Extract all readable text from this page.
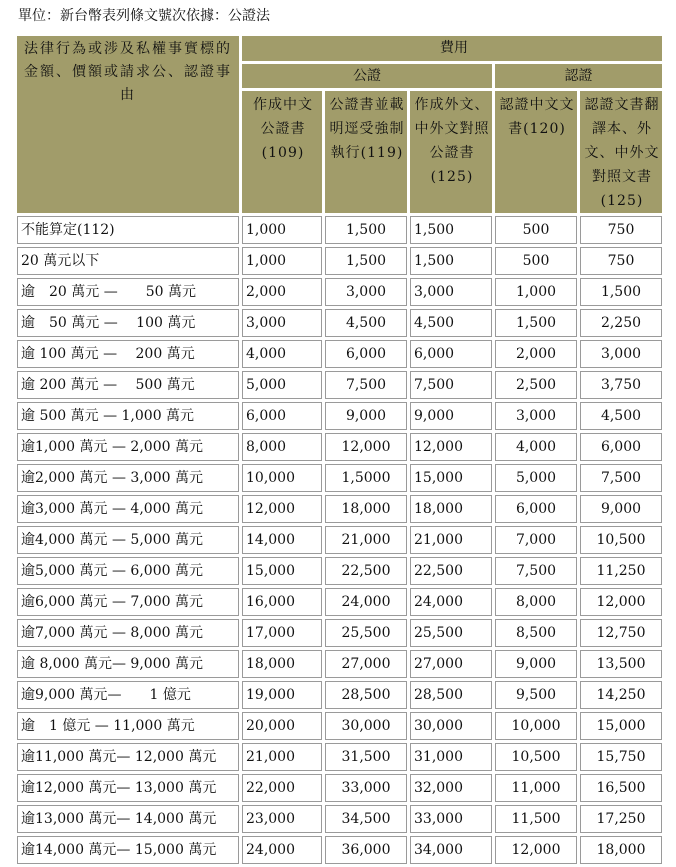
單位：新台幣表列條文號次依據：公證法
法律行為或涉及私權事實標的金額、價額或請求公、認證事由	費用				
	公證			認證	
	作成中文公證書(109)	公證書並載明逕受強制執行(119)	作成外文、中外文對照公證書(125)	認證中文文書(120)	認證文書翻譯本、外文、中外文對照文書(125)
不能算定(112)	1,000	1,500	1,500	500	750
20 萬元以下	1,000	1,500	1,500	500	750
逾　20 萬元 —　　50 萬元	2,000	3,000	3,000	1,000	1,500
逾　50 萬元 —　 100 萬元	3,000	4,500	4,500	1,500	2,250
逾 100 萬元 —　 200 萬元	4,000	6,000	6,000	2,000	3,000
逾 200 萬元 —　 500 萬元	5,000	7,500	7,500	2,500	3,750
逾 500 萬元 — 1,000 萬元	6,000	9,000	9,000	3,000	4,500
逾1,000 萬元 — 2,000 萬元	8,000	12,000	12,000	4,000	6,000
逾2,000 萬元 — 3,000 萬元	10,000	1,5000	15,000	5,000	7,500
逾3,000 萬元 — 4,000 萬元	12,000	18,000	18,000	6,000	9,000
逾4,000 萬元 — 5,000 萬元	14,000	21,000	21,000	7,000	10,500
逾5,000 萬元 — 6,000 萬元	15,000	22,500	22,500	7,500	11,250
逾6,000 萬元 — 7,000 萬元	16,000	24,000	24,000	8,000	12,000
逾7,000 萬元 — 8,000 萬元	17,000	25,500	25,500	8,500	12,750
逾 8,000 萬元— 9,000 萬元	18,000	27,000	27,000	9,000	13,500
逾9,000 萬元—　　1 億元	19,000	28,500	28,500	9,500	14,250
逾　1 億元 — 11,000 萬元	20,000	30,000	30,000	10,000	15,000
逾11,000 萬元— 12,000 萬元	21,000	31,500	31,000	10,500	15,750
逾12,000 萬元— 13,000 萬元	22,000	33,000	32,000	11,000	16,500
逾13,000 萬元— 14,000 萬元	23,000	34,500	33,000	11,500	17,250
逾14,000 萬元— 15,000 萬元	24,000	36,000	34,000	12,000	18,000
